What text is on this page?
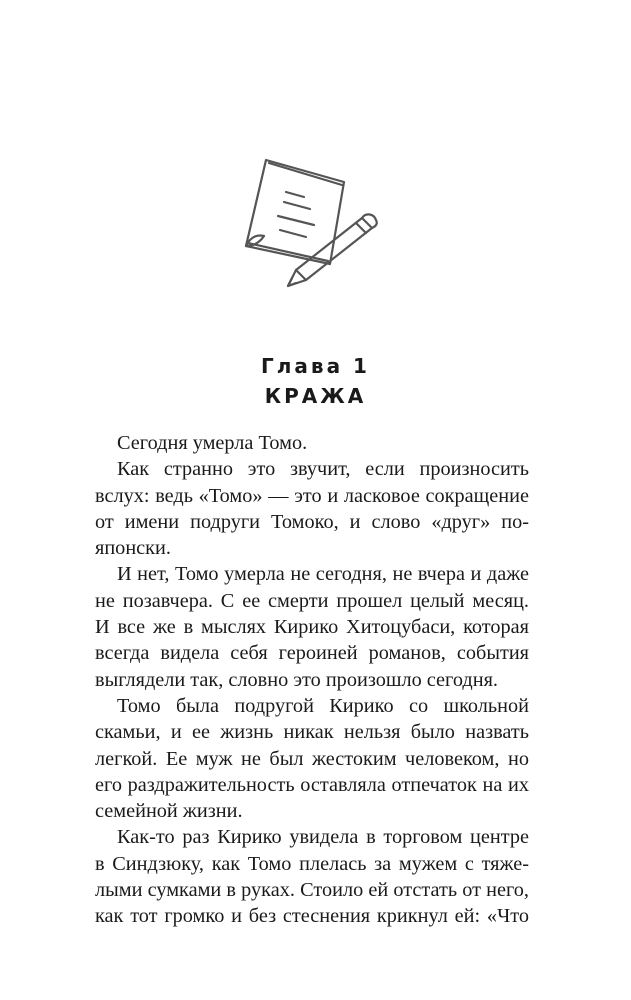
Глава 1
КРАЖА
Сегодня умерла Томо.
Как странно это звучит, если произносить
вслух: ведь «Томо» — это и ласковое сокращение
от имени подруги Томоко, и слово «друг» по-
японски.
И нет, Томо умерла не сегодня, не вчера и даже
не позавчера. С ее смерти прошел целый месяц.
И все же в мыслях Кирико Хитоцубаси, которая
всегда видела себя героиней романов, события
выглядели так, словно это произошло сегодня.
Томо была подругой Кирико со школьной
скамьи, и ее жизнь никак нельзя было назвать
легкой. Ее муж не был жестоким человеком, но
его раздражительность оставляла отпечаток на их
семейной жизни.
Как-то раз Кирико увидела в торговом центре
в Синдзюку, как Томо плелась за мужем с тяже-
лыми сумками в руках. Стоило ей отстать от него,
как тот громко и без стеснения крикнул ей: «Что
